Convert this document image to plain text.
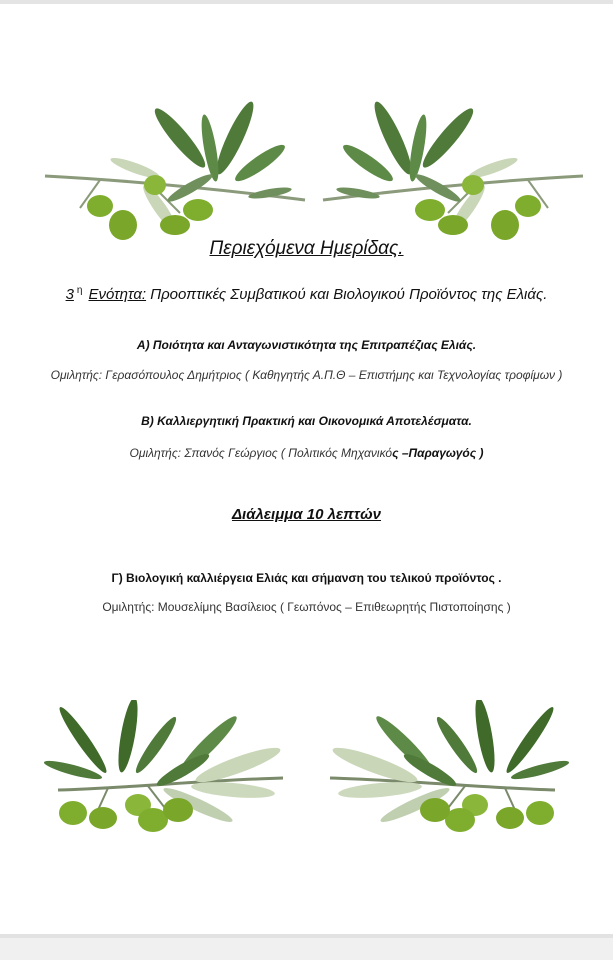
Περιεχόμενα Ημερίδας.
3 $^\eta$ Ενότητα: Προοπτικές Συμβατικού και Βιολογικού Προϊόντος της Ελιάς.
Α) Ποιότητα και Ανταγωνιστικότητα της Επιτραπέζιας Ελιάς.
Ομιλητής: Γερασόπουλος Δημήτριος ( Καθηγητής Α.Π.Θ – Επιστήμης και Τεχνολογίας τροφίμων )
Β) Καλλιεργητική Πρακτική και Οικονομικά Αποτελέσματα.
Ομιλητής: Σπανός Γεώργιος ( Πολιτικός Μηχανικός –Παραγωγός )
Διάλειμμα 10 λεπτών
Γ) Βιολογική καλλιέργεια Ελιάς και σήμανση του τελικού προϊόντος .
Ομιλητής: Μουσελίμης Βασίλειος ( Γεωπόνος – Επιθεωρητής Πιστοποίησης )
